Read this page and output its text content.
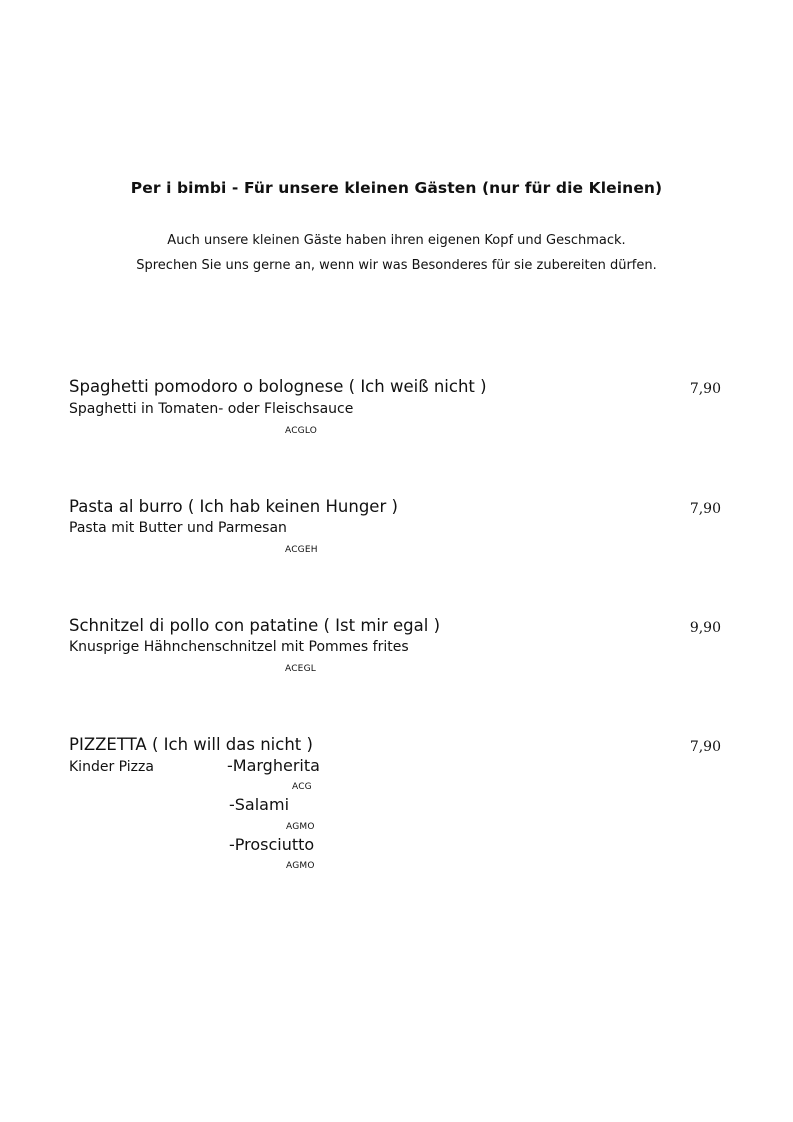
Per i bimbi - Für unsere kleinen Gästen (nur für die Kleinen)
Auch unsere kleinen Gäste haben ihren eigenen Kopf und Geschmack.
Sprechen Sie uns gerne an, wenn wir was Besonderes für sie zubereiten dürfen.
Spaghetti pomodoro o bolognese ( Ich weiß nicht )	7,90
Spaghetti in Tomaten- oder Fleischsauce
ACGLO
Pasta al burro ( Ich hab keinen Hunger )	7,90
Pasta mit Butter und Parmesan
ACGEH
Schnitzel di pollo con patatine ( Ist mir egal )	9,90
Knusprige Hähnchenschnitzel mit Pommes frites
ACEGL
PIZZETTA ( Ich will das nicht )	7,90
Kinder Pizza	-Margherita
ACG
-Salami
AGMO
-Prosciutto
AGMO
